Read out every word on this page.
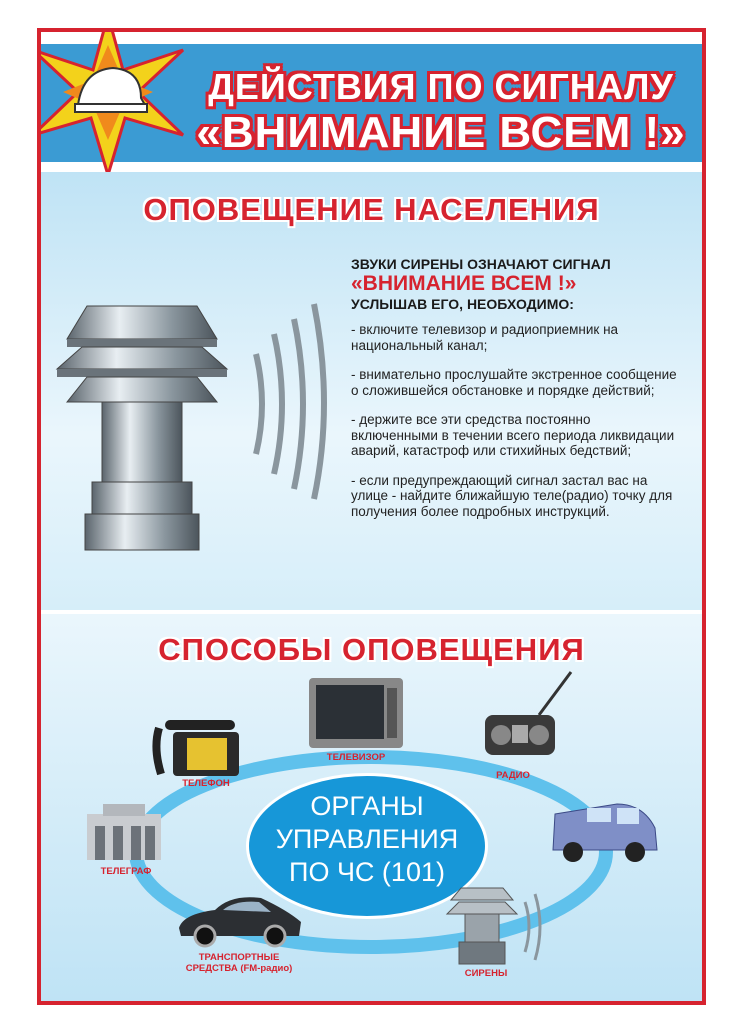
ДЕЙСТВИЯ ПО СИГНАЛУ
«ВНИМАНИЕ ВСЕМ !»
ОПОВЕЩЕНИЕ НАСЕЛЕНИЯ
ЗВУКИ СИРЕНЫ ОЗНАЧАЮТ СИГНАЛ
«ВНИМАНИЕ ВСЕМ !»
УСЛЫШАВ ЕГО, НЕОБХОДИМО:
- включите телевизор и радиоприемник на национальный канал;
- внимательно прослушайте экстренное сообщение о сложившейся обстановке и порядке действий;
- держите все эти средства постоянно включенными в течении всего периода ликвидации аварий, катастроф или стихийных бедствий;
- если предупреждающий сигнал застал вас на улице - найдите ближайшую теле(радио) точку для получения более подробных инструкций.
СПОСОБЫ ОПОВЕЩЕНИЯ
ОРГАНЫ
УПРАВЛЕНИЯ
ПО ЧС (101)
ТЕЛЕВИЗОР
ТЕЛЕФОН
РАДИО
ТЕЛЕГРАФ
ТРАНСПОРТНЫЕ
СРЕДСТВА (FM-радио)	СИРЕНЫ
